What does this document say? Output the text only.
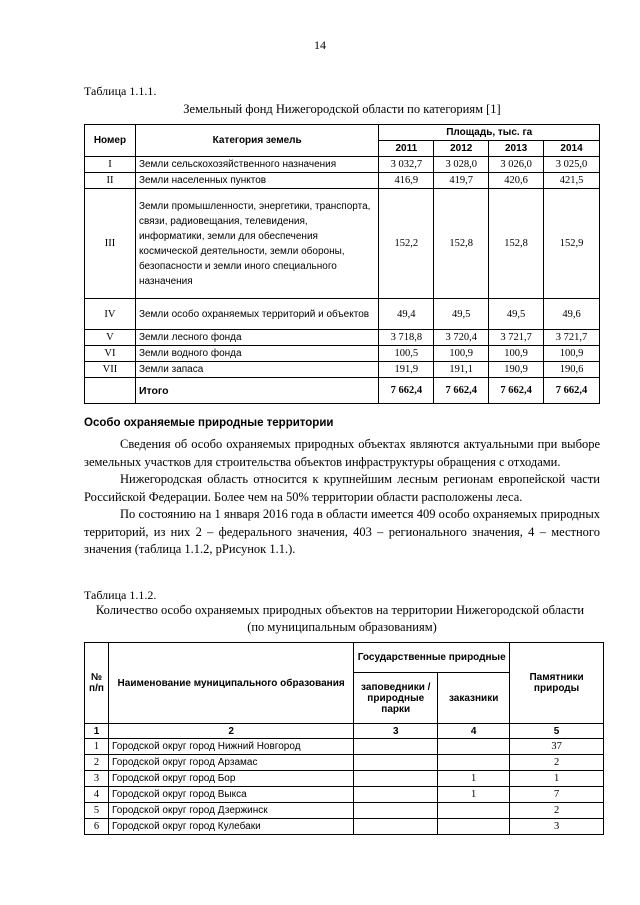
14
Таблица 1.1.1.
Земельный фонд Нижегородской области по категориям [1]
Номер	Категория земель	Площадь, тыс. га			
		2011	2012	2013	2014
I	Земли сельскохозяйственного назначения	3 032,7	3 028,0	3 026,0	3 025,0
II	Земли населенных пунктов	416,9	419,7	420,6	421,5
III	Земли промышленности, энергетики, транспорта, связи, радиовещания, телевидения, информатики, земли для обеспечения космической деятельности, земли обороны, безопасности и земли иного специального назначения	152,2	152,8	152,8	152,9
IV	Земли особо охраняемых территорий и объектов	49,4	49,5	49,5	49,6
V	Земли лесного фонда	3 718,8	3 720,4	3 721,7	3 721,7
VI	Земли водного фонда	100,5	100,9	100,9	100,9
VII	Земли запаса	191,9	191,1	190,9	190,6
	Итого	7 662,4	7 662,4	7 662,4	7 662,4
Особо охраняемые природные территории

Сведения об особо охраняемых природных объектах являются актуальными при выборе земельных участков для строительства объектов инфраструктуры обращения с отходами.

Нижегородская область относится к крупнейшим лесным регионам европейской части Российской Федерации. Более чем на 50% территории области расположены леса.

По состоянию на 1 января 2016 года в области имеется 409 особо охраняемых природных территорий, из них 2 – федерального значения, 403 – регионального значения, 4 – местного значения (таблица 1.1.2, рРисунок 1.1.).

Таблица 1.1.2.
Количество особо охраняемых природных объектов на территории Нижегородской области
(по муниципальным образованиям)
№ п/п	Наименование муниципального образования	Государственные природные		Памятники природы
		заповедники / природные парки	заказники	
1	2	3	4	5
1	Городской округ город Нижний Новгород			37
2	Городской округ город Арзамас			2
3	Городской округ город Бор		1	1
4	Городской округ город Выкса		1	7
5	Городской округ город Дзержинск			2
6	Городской округ город Кулебаки			3
